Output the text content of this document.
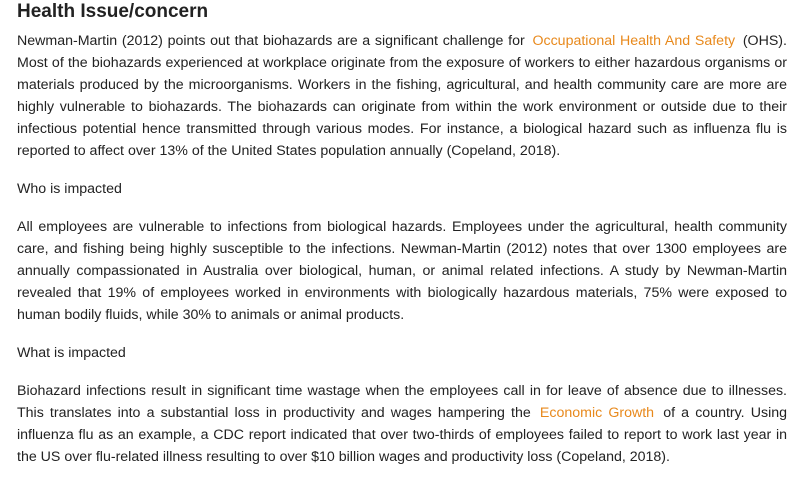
Health Issue/concern

Newman-Martin (2012) points out that biohazards are a significant challenge for Occupational Health And Safety (OHS). Most of the biohazards experienced at workplace originate from the exposure of workers to either hazardous organisms or materials produced by the microorganisms. Workers in the fishing, agricultural, and health community care are more are highly vulnerable to biohazards. The biohazards can originate from within the work environment or outside due to their infectious potential hence transmitted through various modes. For instance, a biological hazard such as influenza flu is reported to affect over 13% of the United States population annually (Copeland, 2018).

Who is impacted

All employees are vulnerable to infections from biological hazards. Employees under the agricultural, health community care, and fishing being highly susceptible to the infections. Newman-Martin (2012) notes that over 1300 employees are annually compassionated in Australia over biological, human, or animal related infections. A study by Newman-Martin revealed that 19% of employees worked in environments with biologically hazardous materials, 75% were exposed to human bodily fluids, while 30% to animals or animal products.

What is impacted

Biohazard infections result in significant time wastage when the employees call in for leave of absence due to illnesses. This translates into a substantial loss in productivity and wages hampering the Economic Growth of a country. Using influenza flu as an example, a CDC report indicated that over two-thirds of employees failed to report to work last year in the US over flu-related illness resulting to over $10 billion wages and productivity loss (Copeland, 2018).
